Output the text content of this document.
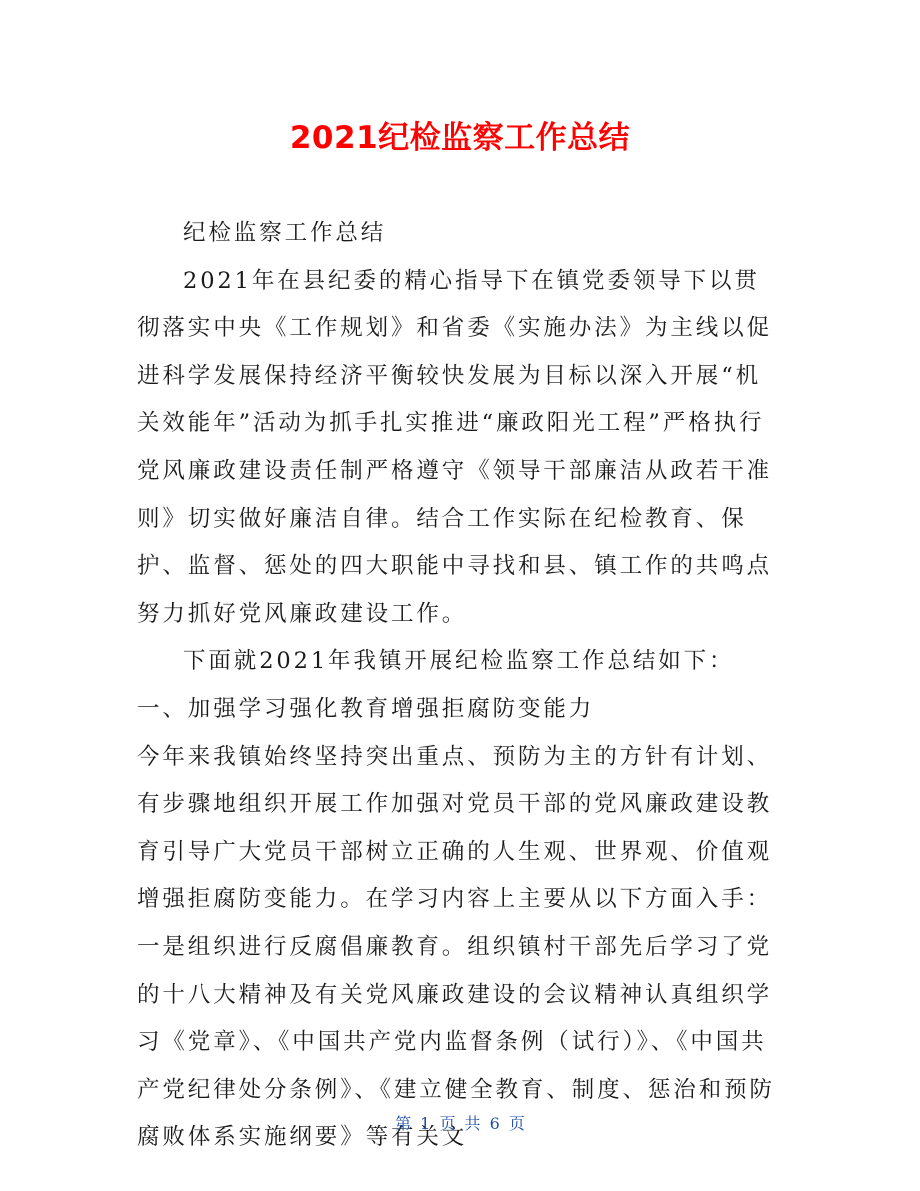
2021纪检监察工作总结

纪检监察工作总结

2021年在县纪委的精心指导下在镇党委领导下以贯彻落实中央《工作规划》和省委《实施办法》为主线以促进科学发展保持经济平衡较快发展为目标以深入开展“机关效能年”活动为抓手扎实推进“廉政阳光工程”严格执行党风廉政建设责任制严格遵守《领导干部廉洁从政若干准则》切实做好廉洁自律。结合工作实际在纪检教育、保护、监督、惩处的四大职能中寻找和县、镇工作的共鸣点努力抓好党风廉政建设工作。

下面就2021年我镇开展纪检监察工作总结如下：

一、加强学习强化教育增强拒腐防变能力

今年来我镇始终坚持突出重点、预防为主的方针有计划、有步骤地组织开展工作加强对党员干部的党风廉政建设教育引导广大党员干部树立正确的人生观、世界观、价值观增强拒腐防变能力。在学习内容上主要从以下方面入手：一是组织进行反腐倡廉教育。组织镇村干部先后学习了党的十八大精神及有关党风廉政建设的会议精神认真组织学习《党章》、《中国共产党内监督条例（试行）》、《中国共产党纪律处分条例》、《建立健全教育、制度、惩治和预防腐败体系实施纲要》等有关文

第 1 页 共 6 页
